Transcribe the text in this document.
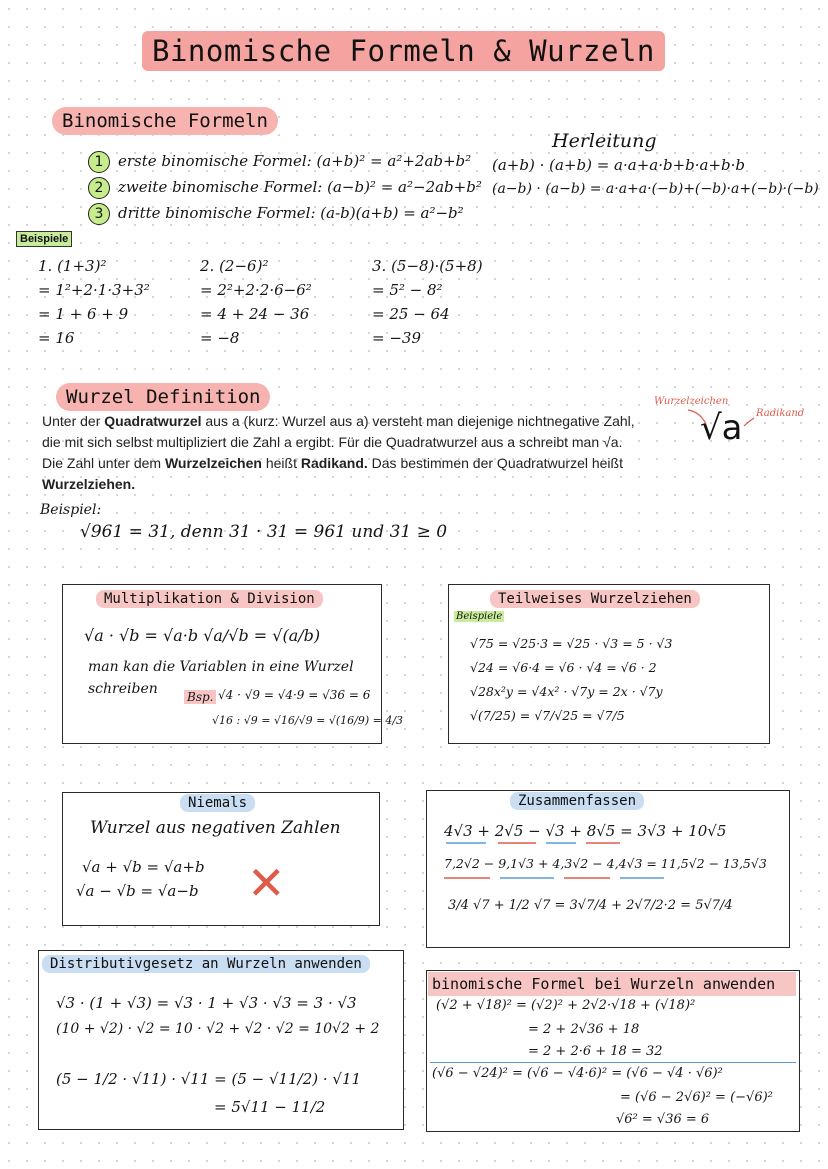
Binomische Formeln & Wurzeln
Binomische Formeln
1 erste binomische Formel: (a+b)² = a²+2ab+b²
2 zweite binomische Formel: (a−b)² = a²−2ab+b²
3 dritte binomische Formel: (a-b)(a+b) = a²−b²
Herleitung
(a+b) · (a+b) = a·a+a·b+b·a+b·b
(a−b) · (a−b) = a·a+a·(−b)+(−b)·a+(−b)·(−b)
Beispiele
1. (1+3)²
= 1²+2·1·3+3²
= 1 + 6 + 9
= 16
2. (2−6)²
= 2²+2·2·6−6²
= 4 + 24 − 36
= −8
3. (5−8)·(5+8)
= 5² − 8²
= 25 − 64
= −39
Wurzel Definition
Unter der Quadratwurzel aus a (kurz: Wurzel aus a) versteht man diejenige nichtnegative Zahl,
die mit sich selbst multipliziert die Zahl a ergibt. Für die Quadratwurzel aus a schreibt man √a.
Die Zahl unter dem Wurzelzeichen heißt Radikand. Das bestimmen der Quadratwurzel heißt
Wurzelziehen.
Wurzelzeichen
Radikand
√a
Beispiel:
√961 = 31, denn 31 · 31 = 961 und 31 ≥ 0
Multiplikation & Division
√a · √b = √a·b √a/√b = √(a/b)
man kan die Variablen in eine Wurzel
schreiben Bsp. √4 · √9 = √4·9 = √36 = 6
√16 : √9 = √16/√9 = √(16/9) = 4/3
Teilweises Wurzelziehen
Beispiele
√75 = √25·3 = √25 · √3 = 5 · √3
√24 = √6·4 = √6 · √4 = √6 · 2
√28x²y = √4x² · √7y = 2x · √7y
√(7/25) = √7/√25 = √7/5
Niemals
Wurzel aus negativen Zahlen
√a + √b = √a+b
√a − √b = √a−b ✕
Zusammenfassen
4√3 + 2√5 − √3 + 8√5 = 3√3 + 10√5
7,2√2 − 9,1√3 + 4,3√2 − 4,4√3 = 11,5√2 − 13,5√3
3/4 √7 + 1/2 √7 = 3√7/4 + 2√7/2·2 = 5√7/4
Distributivgesetz an Wurzeln anwenden
√3 · (1 + √3) = √3 · 1 + √3 · √3 = 3 · √3
(10 + √2) · √2 = 10 · √2 + √2 · √2 = 10√2 + 2
(5 − 1/2 · √11) · √11 = (5 − √11/2) · √11
= 5√11 − 11/2
binomische Formel bei Wurzeln anwenden
(√2 + √18)² = (√2)² + 2√2·√18 + (√18)²
= 2 + 2√36 + 18
= 2 + 2·6 + 18 = 32
(√6 − √24)² = (√6 − √4·6)² = (√6 − √4 · √6)²
= (√6 − 2√6)² = (−√6)²
√6² = √36 = 6
